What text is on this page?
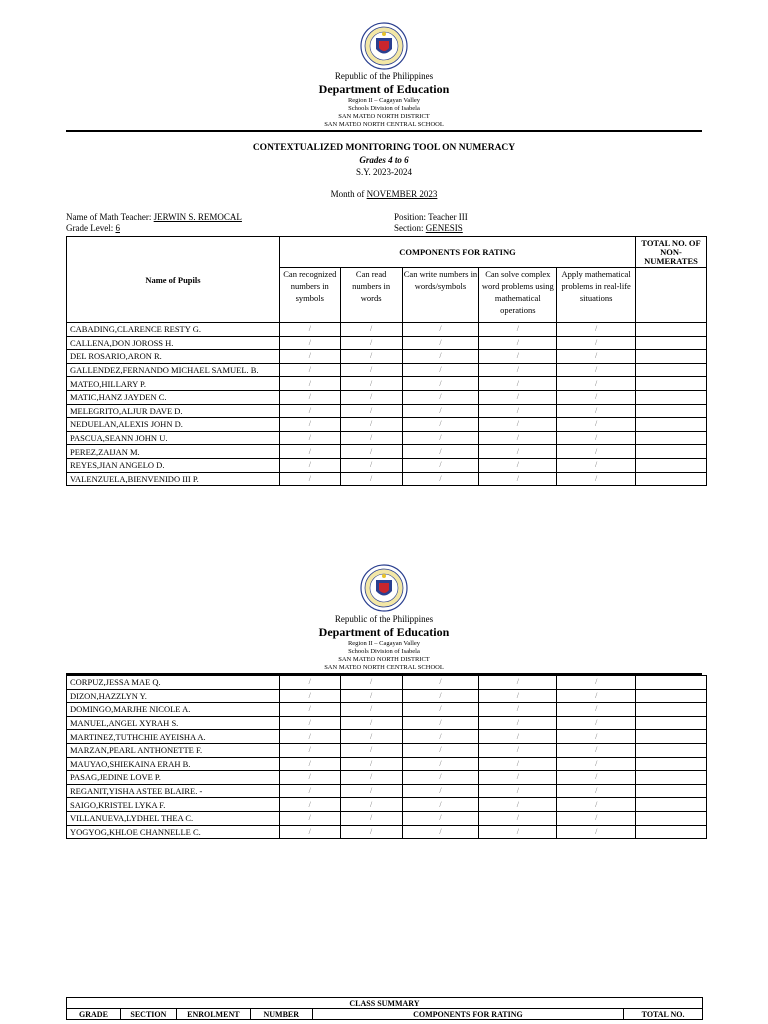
Republic of the Philippines
Department of Education
Region II – Cagayan Valley
Schools Division of Isabela
SAN MATEO NORTH DISTRICT
SAN MATEO NORTH CENTRAL SCHOOL
CONTEXTUALIZED MONITORING TOOL ON NUMERACY
Grades 4 to 6
S.Y. 2023-2024
Month of NOVEMBER 2023
Name of Math Teacher: JERWIN S. REMOCAL
Grade Level: 6
Position: Teacher III
Section: GENESIS
Name of Pupils	COMPONENTS FOR RATING					TOTAL NO. OF NON-NUMERATES
	Can recognized numbers in symbols	Can read numbers in words	Can write numbers in words/symbols	Can solve complex word problems using mathematical operations	Apply mathematical problems in real-life situations	
CABADING,CLARENCE RESTY G.	/	/	/	/	/	
CALLENA,DON JOROSS H.	/	/	/	/	/	
DEL ROSARIO,ARON R.	/	/	/	/	/	
GALLENDEZ,FERNANDO MICHAEL SAMUEL. B.	/	/	/	/	/	
MATEO,HILLARY P.	/	/	/	/	/	
MATIC,HANZ JAYDEN C.	/	/	/	/	/	
MELEGRITO,ALJUR DAVE D.	/	/	/	/	/	
NEDUELAN,ALEXIS JOHN D.	/	/	/	/	/	
PASCUA,SEANN JOHN U.	/	/	/	/	/	
PEREZ,ZAIJAN M.	/	/	/	/	/	
REYES,JIAN ANGELO D.	/	/	/	/	/	
VALENZUELA,BIENVENIDO III P.	/	/	/	/	/	
Republic of the Philippines
Department of Education
Region II – Cagayan Valley
Schools Division of Isabela
SAN MATEO NORTH DISTRICT
SAN MATEO NORTH CENTRAL SCHOOL
CORPUZ,JESSA MAE Q.	/	/	/	/	/	
DIZON,HAZZLYN Y.	/	/	/	/	/	
DOMINGO,MARJHE NICOLE A.	/	/	/	/	/	
MANUEL,ANGEL XYRAH S.	/	/	/	/	/	
MARTINEZ,TUTHCHIE AYEISHA A.	/	/	/	/	/	
MARZAN,PEARL ANTHONETTE F.	/	/	/	/	/	
MAUYAO,SHIEKAINA ERAH B.	/	/	/	/	/	
PASAG,JEDINE LOVE P.	/	/	/	/	/	
REGANIT,YISHA ASTEE BLAIRE. -	/	/	/	/	/	
SAIGO,KRISTEL LYKA F.	/	/	/	/	/	
VILLANUEVA,LYDHEL THEA C.	/	/	/	/	/	
YOGYOG,KHLOE CHANNELLE C.	/	/	/	/	/	
CLASS SUMMARY
GRADE	SECTION	ENROLMENT	NUMBER	COMPONENTS FOR RATING	TOTAL NO.
